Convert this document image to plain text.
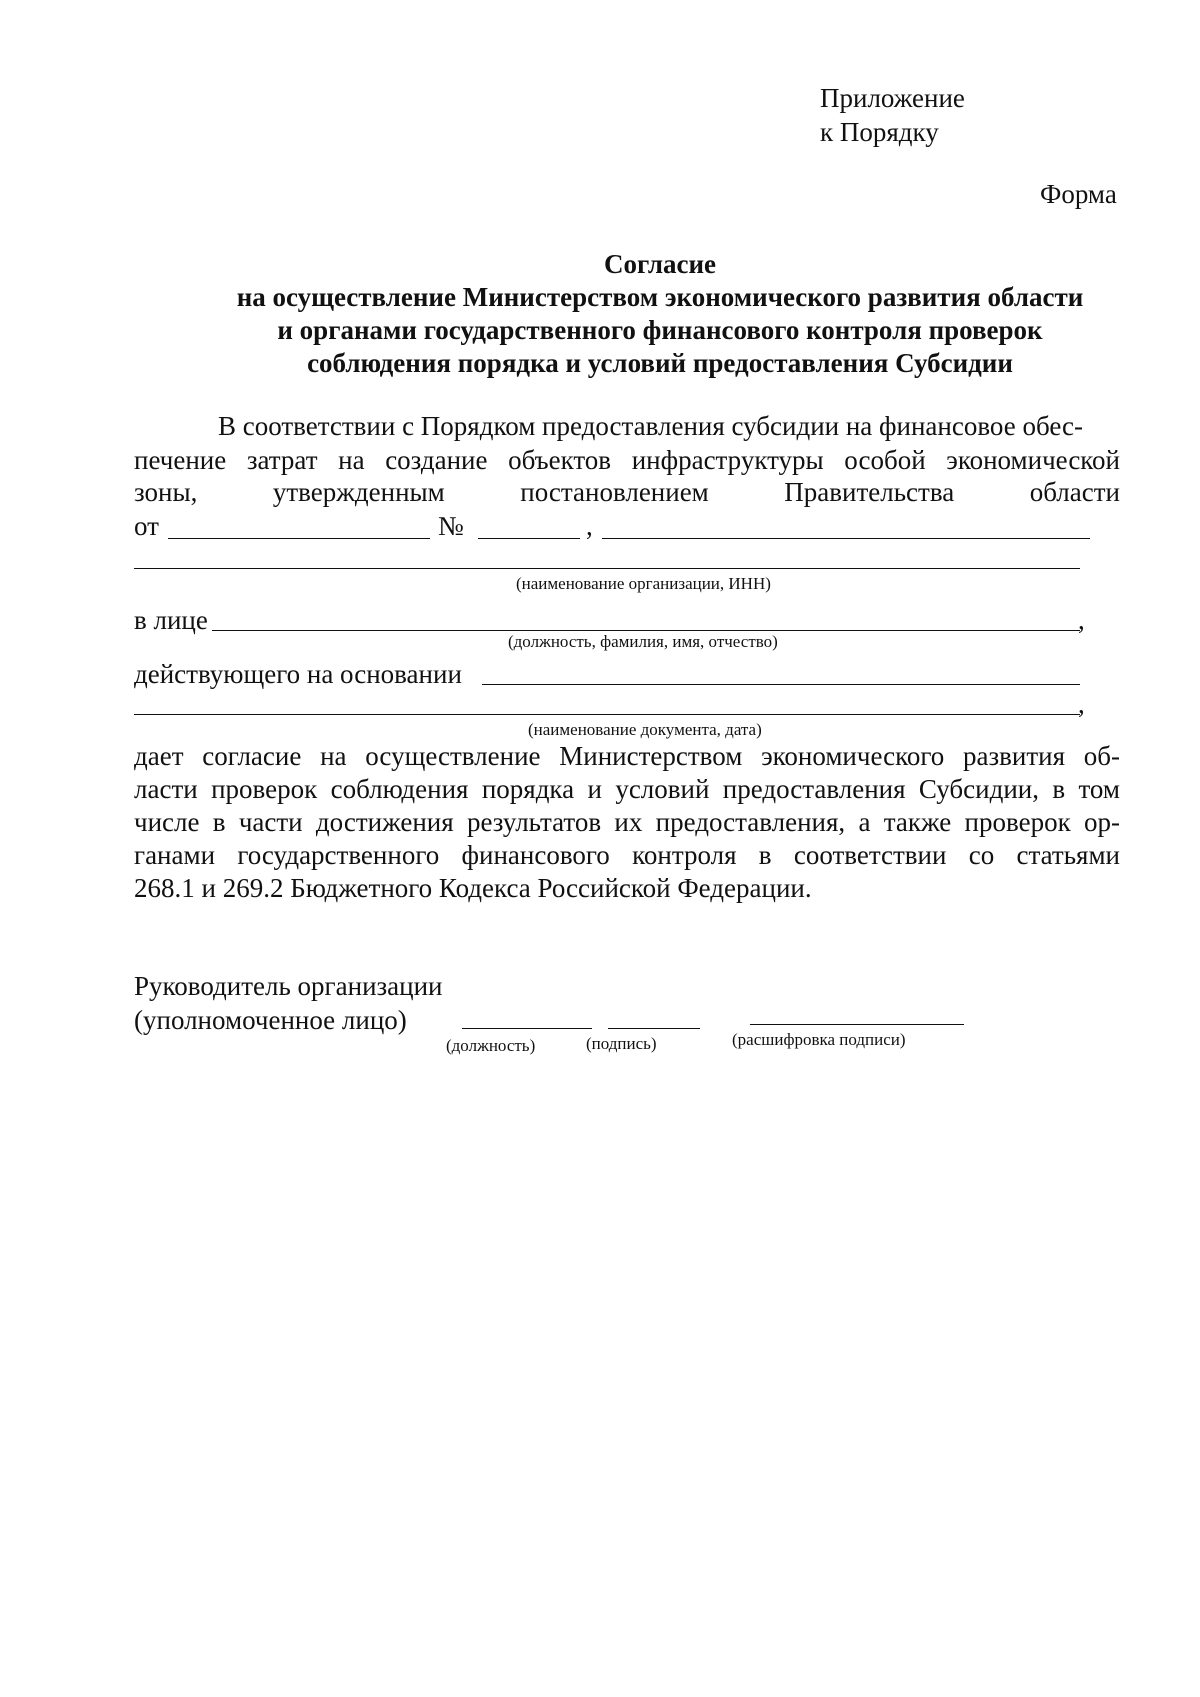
Приложение
к Порядку
Форма
Согласие
на осуществление Министерством экономического развития области
и органами государственного финансового контроля проверок
соблюдения порядка и условий предоставления Субсидии
В соответствии с Порядком предоставления субсидии на финансовое обес-
печение затрат на создание объектов инфраструктуры особой экономической
зоны, утвержденным постановлением Правительства области
от	№	,
(наименование организации, ИНН)
в лице	,
(должность, фамилия, имя, отчество)
действующего на основании
,
(наименование документа, дата)
дает согласие на осуществление Министерством экономического развития об-
ласти проверок соблюдения порядка и условий предоставления Субсидии, в том
числе в части достижения результатов их предоставления, а также проверок ор-
ганами государственного финансового контроля в соответствии со статьями
268.1 и 269.2 Бюджетного Кодекса Российской Федерации.
Руководитель организации
(уполномоченное лицо)
(должность)	(подпись)	(расшифровка подписи)
